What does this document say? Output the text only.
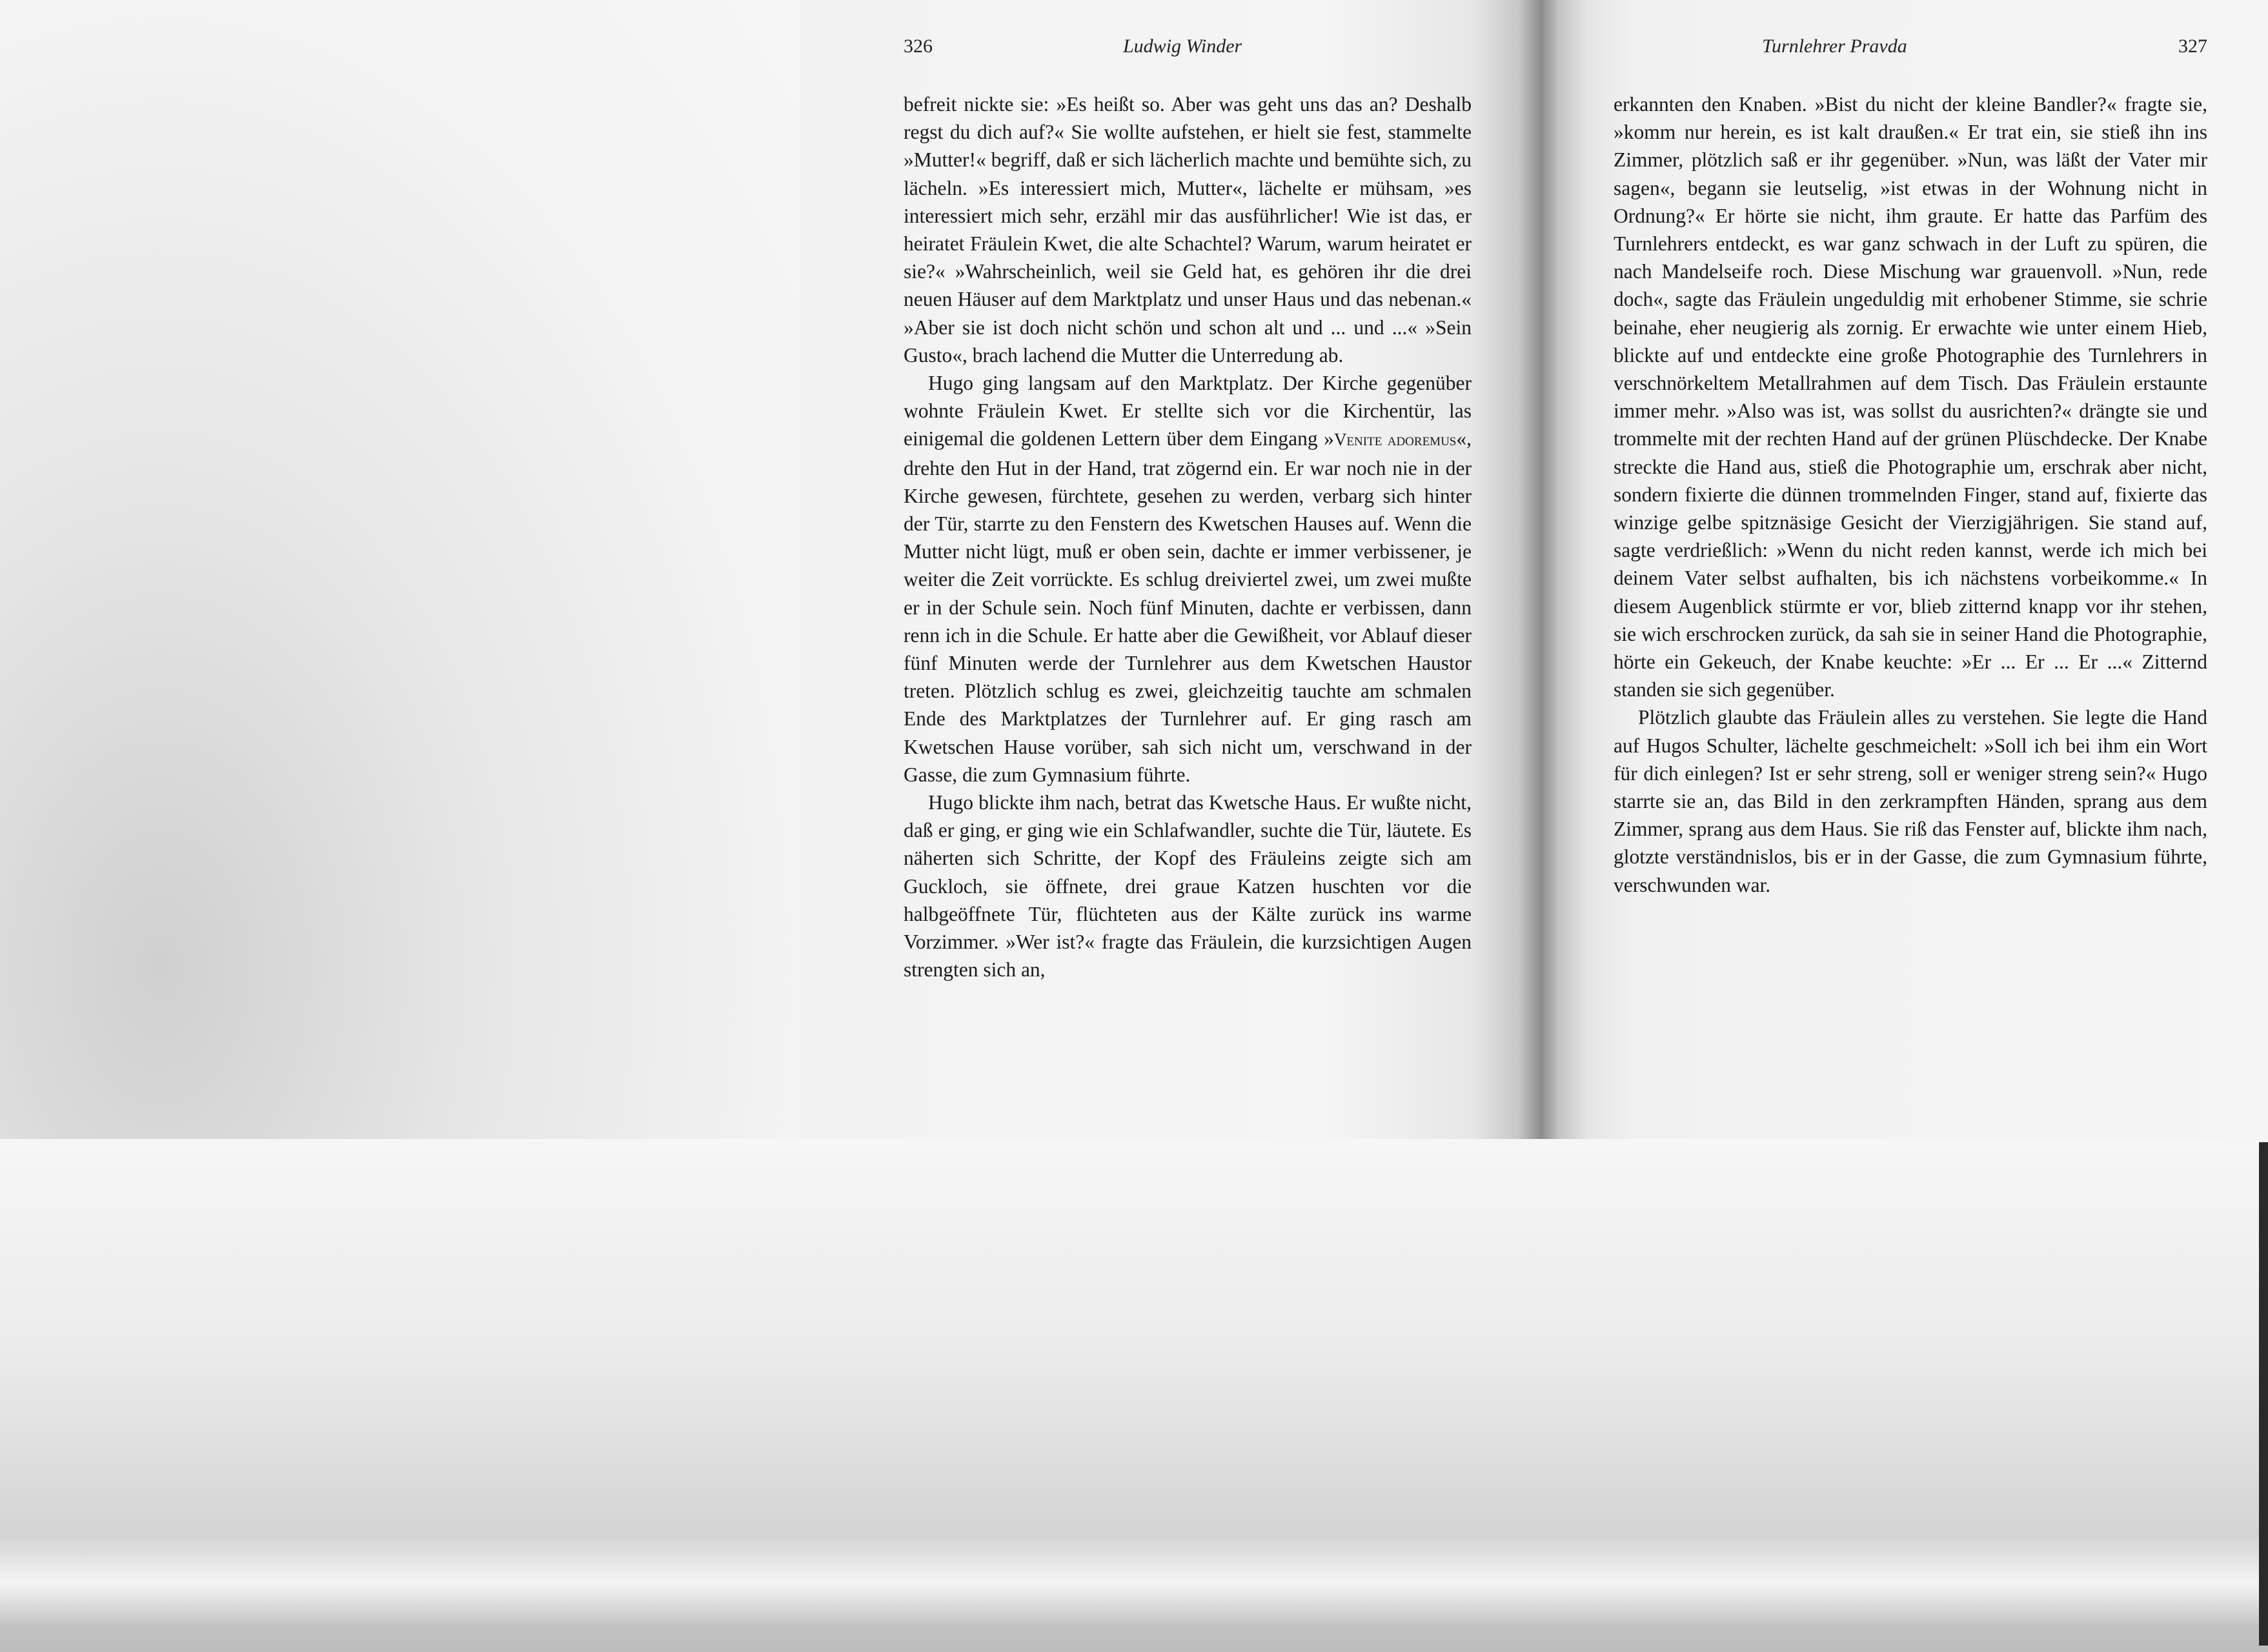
326	Ludwig Winder

befreit nickte sie: »Es heißt so. Aber was geht uns das an? Deshalb regst du dich auf?« Sie wollte aufstehen, er hielt sie fest, stammelte »Mutter!« begriff, daß er sich lächerlich machte und bemühte sich, zu lächeln. »Es interessiert mich, Mutter«, lächelte er mühsam, »es interessiert mich sehr, erzähl mir das ausführlicher! Wie ist das, er heiratet Fräulein Kwet, die alte Schachtel? Warum, warum heiratet er sie?« »Wahrscheinlich, weil sie Geld hat, es gehören ihr die drei neuen Häuser auf dem Marktplatz und unser Haus und das nebenan.« »Aber sie ist doch nicht schön und schon alt und ... und ...« »Sein Gusto«, brach lachend die Mutter die Unterredung ab.

Hugo ging langsam auf den Marktplatz. Der Kirche gegenüber wohnte Fräulein Kwet. Er stellte sich vor die Kirchentür, las einigemal die goldenen Lettern über dem Eingang »Venite adoremus«, drehte den Hut in der Hand, trat zögernd ein. Er war noch nie in der Kirche gewesen, fürchtete, gesehen zu werden, verbarg sich hinter der Tür, starrte zu den Fenstern des Kwetschen Hauses auf. Wenn die Mutter nicht lügt, muß er oben sein, dachte er immer verbissener, je weiter die Zeit vorrückte. Es schlug dreiviertel zwei, um zwei mußte er in der Schule sein. Noch fünf Minuten, dachte er verbissen, dann renn ich in die Schule. Er hatte aber die Gewißheit, vor Ablauf dieser fünf Minuten werde der Turnlehrer aus dem Kwetschen Haustor treten. Plötzlich schlug es zwei, gleichzeitig tauchte am schmalen Ende des Marktplatzes der Turnlehrer auf. Er ging rasch am Kwetschen Hause vorüber, sah sich nicht um, verschwand in der Gasse, die zum Gymnasium führte.

Hugo blickte ihm nach, betrat das Kwetsche Haus. Er wußte nicht, daß er ging, er ging wie ein Schlafwandler, suchte die Tür, läutete. Es näherten sich Schritte, der Kopf des Fräuleins zeigte sich am Guckloch, sie öffnete, drei graue Katzen huschten vor die halbgeöffnete Tür, flüchteten aus der Kälte zurück ins warme Vorzimmer. »Wer ist?« fragte das Fräulein, die kurzsichtigen Augen strengten sich an,

Turnlehrer Pravda	327

erkannten den Knaben. »Bist du nicht der kleine Bandler?« fragte sie, »komm nur herein, es ist kalt draußen.« Er trat ein, sie stieß ihn ins Zimmer, plötzlich saß er ihr gegenüber. »Nun, was läßt der Vater mir sagen«, begann sie leutselig, »ist etwas in der Wohnung nicht in Ordnung?« Er hörte sie nicht, ihm graute. Er hatte das Parfüm des Turnlehrers entdeckt, es war ganz schwach in der Luft zu spüren, die nach Mandelseife roch. Diese Mischung war grauenvoll. »Nun, rede doch«, sagte das Fräulein ungeduldig mit erhobener Stimme, sie schrie beinahe, eher neugierig als zornig. Er erwachte wie unter einem Hieb, blickte auf und entdeckte eine große Photographie des Turnlehrers in verschnörkeltem Metallrahmen auf dem Tisch. Das Fräulein erstaunte immer mehr. »Also was ist, was sollst du ausrichten?« drängte sie und trommelte mit der rechten Hand auf der grünen Plüschdecke. Der Knabe streckte die Hand aus, stieß die Photographie um, erschrak aber nicht, sondern fixierte die dünnen trommelnden Finger, stand auf, fixierte das winzige gelbe spitznäsige Gesicht der Vierzigjährigen. Sie stand auf, sagte verdrießlich: »Wenn du nicht reden kannst, werde ich mich bei deinem Vater selbst aufhalten, bis ich nächstens vorbeikomme.« In diesem Augenblick stürmte er vor, blieb zitternd knapp vor ihr stehen, sie wich erschrocken zurück, da sah sie in seiner Hand die Photographie, hörte ein Gekeuch, der Knabe keuchte: »Er ... Er ... Er ...« Zitternd standen sie sich gegenüber.

Plötzlich glaubte das Fräulein alles zu verstehen. Sie legte die Hand auf Hugos Schulter, lächelte geschmeichelt: »Soll ich bei ihm ein Wort für dich einlegen? Ist er sehr streng, soll er weniger streng sein?« Hugo starrte sie an, das Bild in den zerkrampften Händen, sprang aus dem Zimmer, sprang aus dem Haus. Sie riß das Fenster auf, blickte ihm nach, glotzte verständnislos, bis er in der Gasse, die zum Gymnasium führte, verschwunden war.
